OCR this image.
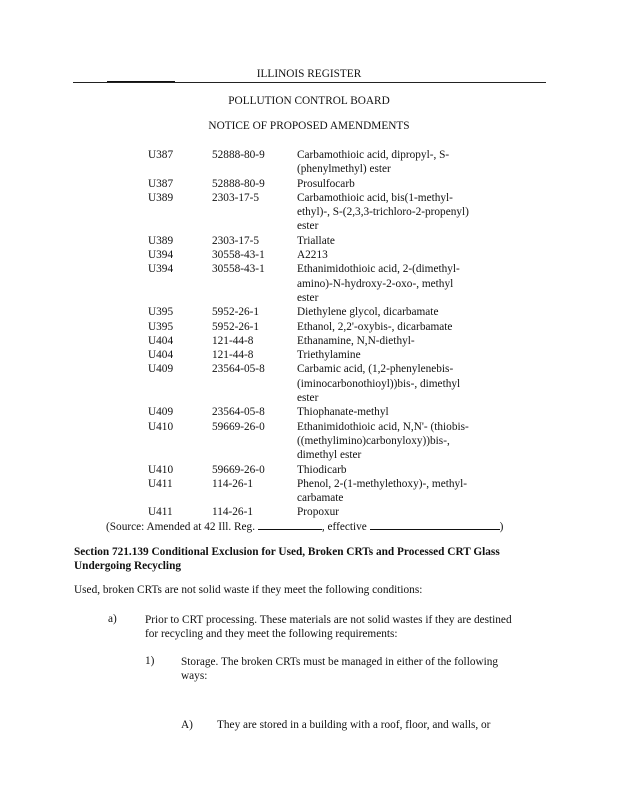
ILLINOIS REGISTER
POLLUTION CONTROL BOARD
NOTICE OF PROPOSED AMENDMENTS
U387	52888-80-9	Carbamothioic acid, dipropyl-, S-
(phenylmethyl) ester
U387	52888-80-9	Prosulfocarb
U389	2303-17-5	Carbamothioic acid, bis(1-methyl-
ethyl)-, S-(2,3,3-trichloro-2-propenyl)
ester
U389	2303-17-5	Triallate
U394	30558-43-1	A2213
U394	30558-43-1	Ethanimidothioic acid, 2-(dimethyl-
amino)-N-hydroxy-2-oxo-, methyl
ester
U395	5952-26-1	Diethylene glycol, dicarbamate
U395	5952-26-1	Ethanol, 2,2'-oxybis-, dicarbamate
U404	121-44-8	Ethanamine, N,N-diethyl-
U404	121-44-8	Triethylamine
U409	23564-05-8	Carbamic acid, (1,2-phenylenebis-
(iminocarbonothioyl))bis-, dimethyl
ester
U409	23564-05-8	Thiophanate-methyl
U410	59669-26-0	Ethanimidothioic acid, N,N'- (thiobis-
((methylimino)carbonyloxy))bis-,
dimethyl ester
U410	59669-26-0	Thiodicarb
U411	114-26-1	Phenol, 2-(1-methylethoxy)-, methyl-
carbamate
U411	114-26-1	Propoxur
(Source: Amended at 42 Ill. Reg.	, effective	)
Section 721.139 Conditional Exclusion for Used, Broken CRTs and Processed CRT Glass
Undergoing Recycling
Used, broken CRTs are not solid waste if they meet the following conditions:
a) Prior to CRT processing. These materials are not solid wastes if they are destined
for recycling and they meet the following requirements:
1) Storage. The broken CRTs must be managed in either of the following
ways:
A) They are stored in a building with a roof, floor, and walls, or
